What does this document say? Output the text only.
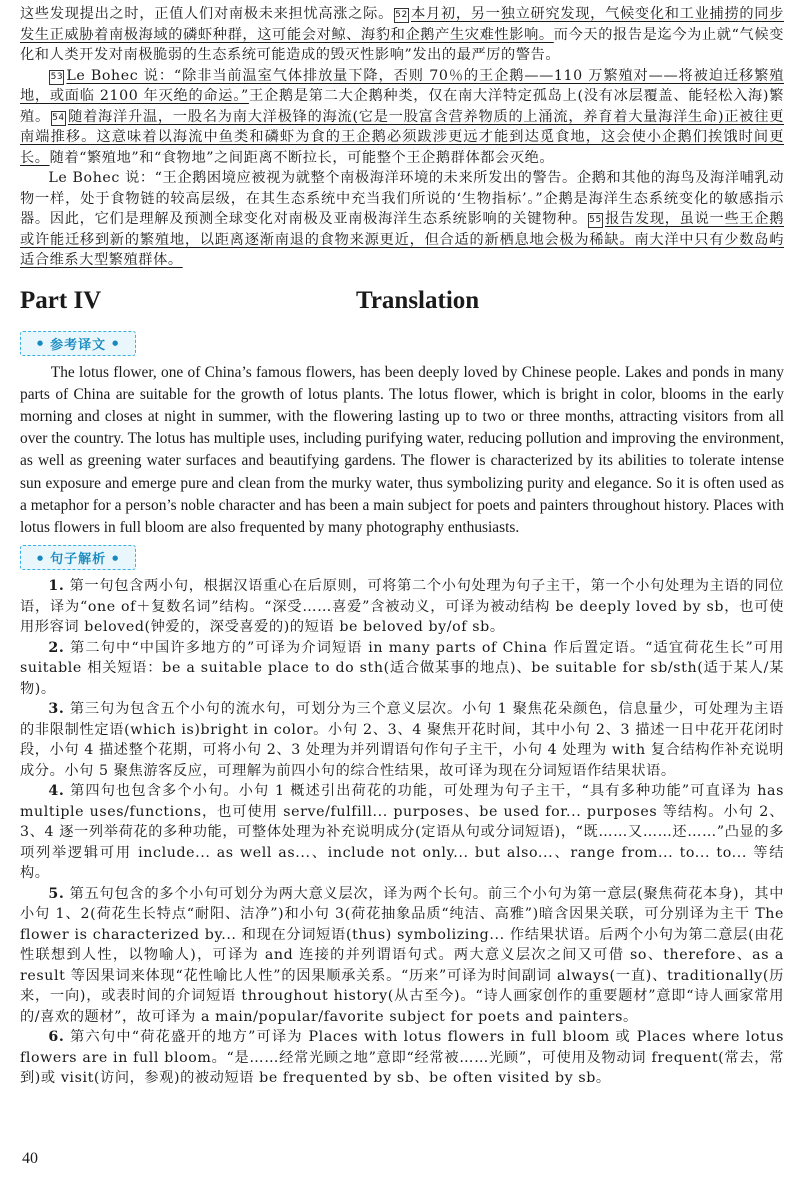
这些发现提出之时，正值人们对南极未来担忧高涨之际。 52 本月初，另一独立研究发现，气候变化和工业捕捞的同步发生正威胁着南极海域的磷虾种群，这可能会对鲸、海豹和企鹅产生灾难性影响。而今天的报告是迄今为止就“气候变化和人类开发对南极脆弱的生态系统可能造成的毁灭性影响”发出的最严厉的警告。

53 Le Bohec 说：“除非当前温室气体排放量下降，否则 70％的王企鹅——110 万繁殖对——将被迫迁移繁殖地，或面临 2100 年灭绝的命运。”王企鹅是第二大企鹅种类，仅在南大洋特定孤岛上(没有冰层覆盖、能轻松入海)繁殖。 54 随着海洋升温，一股名为南大洋极锋的海流(它是一股富含营养物质的上涌流，养育着大量海洋生命)正被往更南端推移。这意味着以海流中鱼类和磷虾为食的王企鹅必须跋涉更远才能到达觅食地，这会使小企鹅们挨饿时间更长。随着“繁殖地”和“食物地”之间距离不断拉长，可能整个王企鹅群体都会灭绝。

Le Bohec 说：“王企鹅困境应被视为就整个南极海洋环境的未来所发出的警告。企鹅和其他的海鸟及海洋哺乳动物一样，处于食物链的较高层级，在其生态系统中充当我们所说的‘生物指标’。”企鹅是海洋生态系统变化的敏感指示器。因此，它们是理解及预测全球变化对南极及亚南极海洋生态系统影响的关键物种。 55 报告发现，虽说一些王企鹅或许能迁移到新的繁殖地，以距离逐渐南退的食物来源更近，但合适的新栖息地会极为稀缺。南大洋中只有少数岛屿适合维系大型繁殖群体。

Part IV	Translation
● 参考译文 ●

The lotus flower, one of China’s famous flowers, has been deeply loved by Chinese people. Lakes and ponds in many parts of China are suitable for the growth of lotus plants. The lotus flower, which is bright in color, blooms in the early morning and closes at night in summer, with the flowering lasting up to two or three months, attracting visitors from all over the country. The lotus has multiple uses, including purifying water, reducing pollution and improving the environment, as well as greening water surfaces and beautifying gardens. The flower is characterized by its abilities to tolerate intense sun exposure and emerge pure and clean from the murky water, thus symbolizing purity and elegance. So it is often used as a metaphor for a person’s noble character and has been a main subject for poets and painters throughout history. Places with lotus flowers in full bloom are also frequented by many photography enthusiasts.

● 句子解析 ●

1. 第一句包含两小句，根据汉语重心在后原则，可将第二个小句处理为句子主干，第一个小句处理为主语的同位语，译为“one of＋复数名词”结构。“深受……喜爱”含被动义，可译为被动结构 be deeply loved by sb，也可使用形容词 beloved(钟爱的，深受喜爱的)的短语 be beloved by/of sb。

2. 第二句中“中国许多地方的”可译为介词短语 in many parts of China 作后置定语。“适宜荷花生长”可用 suitable 相关短语：be a suitable place to do sth(适合做某事的地点)、be suitable for sb/sth(适于某人/某物)。

3. 第三句为包含五个小句的流水句，可划分为三个意义层次。小句 1 聚焦花朵颜色，信息量少，可处理为主语的非限制性定语(which is)bright in color。小句 2、3、4 聚焦开花时间，其中小句 2、3 描述一日中花开花闭时段，小句 4 描述整个花期，可将小句 2、3 处理为并列谓语句作句子主干，小句 4 处理为 with 复合结构作补充说明成分。小句 5 聚焦游客反应，可理解为前四小句的综合性结果，故可译为现在分词短语作结果状语。

4. 第四句也包含多个小句。小句 1 概述引出荷花的功能，可处理为句子主干，“具有多种功能”可直译为 has multiple uses/functions，也可使用 serve/fulfill... purposes、be used for... purposes 等结构。小句 2、3、4 逐一列举荷花的多种功能，可整体处理为补充说明成分(定语从句或分词短语)，“既……又……还……”凸显的多项列举逻辑可用 include... as well as...、include not only... but also...、range from... to... to... 等结构。

5. 第五句包含的多个小句可划分为两大意义层次，译为两个长句。前三个小句为第一意层(聚焦荷花本身)，其中小句 1、2(荷花生长特点“耐阳、洁净”)和小句 3(荷花抽象品质“纯洁、高雅”)暗含因果关联，可分别译为主干 The flower is characterized by... 和现在分词短语(thus) symbolizing... 作结果状语。后两个小句为第二意层(由花性联想到人性，以物喻人)，可译为 and 连接的并列谓语句式。两大意义层次之间又可借 so、therefore、as a result 等因果词来体现“花性喻比人性”的因果顺承关系。“历来”可译为时间副词 always(一直)、traditionally(历来，一向)，或表时间的介词短语 throughout history(从古至今)。“诗人画家创作的重要题材”意即“诗人画家常用的/喜欢的题材”，故可译为 a main/popular/favorite subject for poets and painters。

6. 第六句中“荷花盛开的地方”可译为 Places with lotus flowers in full bloom 或 Places where lotus flowers are in full bloom。“是……经常光顾之地”意即“经常被……光顾”，可使用及物动词 frequent(常去，常到)或 visit(访问，参观)的被动短语 be frequented by sb、be often visited by sb。

40
